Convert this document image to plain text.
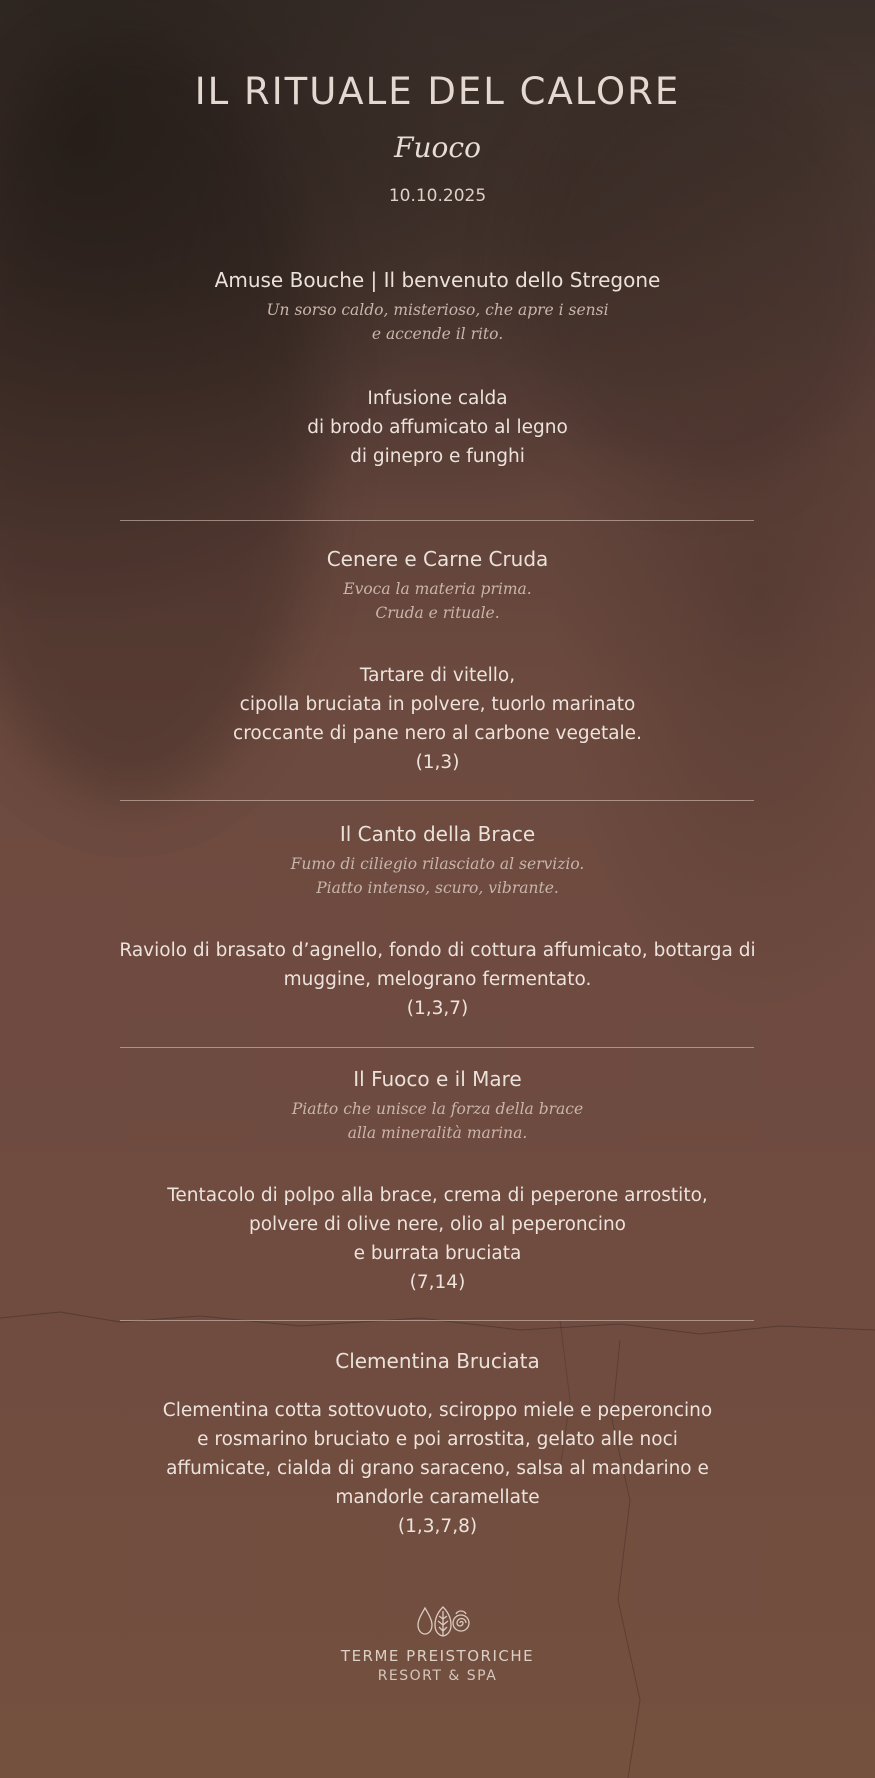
IL RITUALE DEL CALORE
Fuoco
10.10.2025
Amuse Bouche | Il benvenuto dello Stregone
Un sorso caldo, misterioso, che apre i sensi
e accende il rito.
Infusione calda
di brodo affumicato al legno
di ginepro e funghi
Cenere e Carne Cruda
Evoca la materia prima.
Cruda e rituale.
Tartare di vitello,
cipolla bruciata in polvere, tuorlo marinato
croccante di pane nero al carbone vegetale.
(1,3)
Il Canto della Brace
Fumo di ciliegio rilasciato al servizio.
Piatto intenso, scuro, vibrante.
Raviolo di brasato d’agnello, fondo di cottura affumicato, bottarga di
muggine, melograno fermentato.
(1,3,7)
Il Fuoco e il Mare
Piatto che unisce la forza della brace
alla mineralità marina.
Tentacolo di polpo alla brace, crema di peperone arrostito,
polvere di olive nere, olio al peperoncino
e burrata bruciata
(7,14)
Clementina Bruciata
Clementina cotta sottovuoto, sciroppo miele e peperoncino
e rosmarino bruciato e poi arrostita, gelato alle noci
affumicate, cialda di grano saraceno, salsa al mandarino e
mandorle caramellate
(1,3,7,8)
TERME PREISTORICHE
RESORT & SPA
